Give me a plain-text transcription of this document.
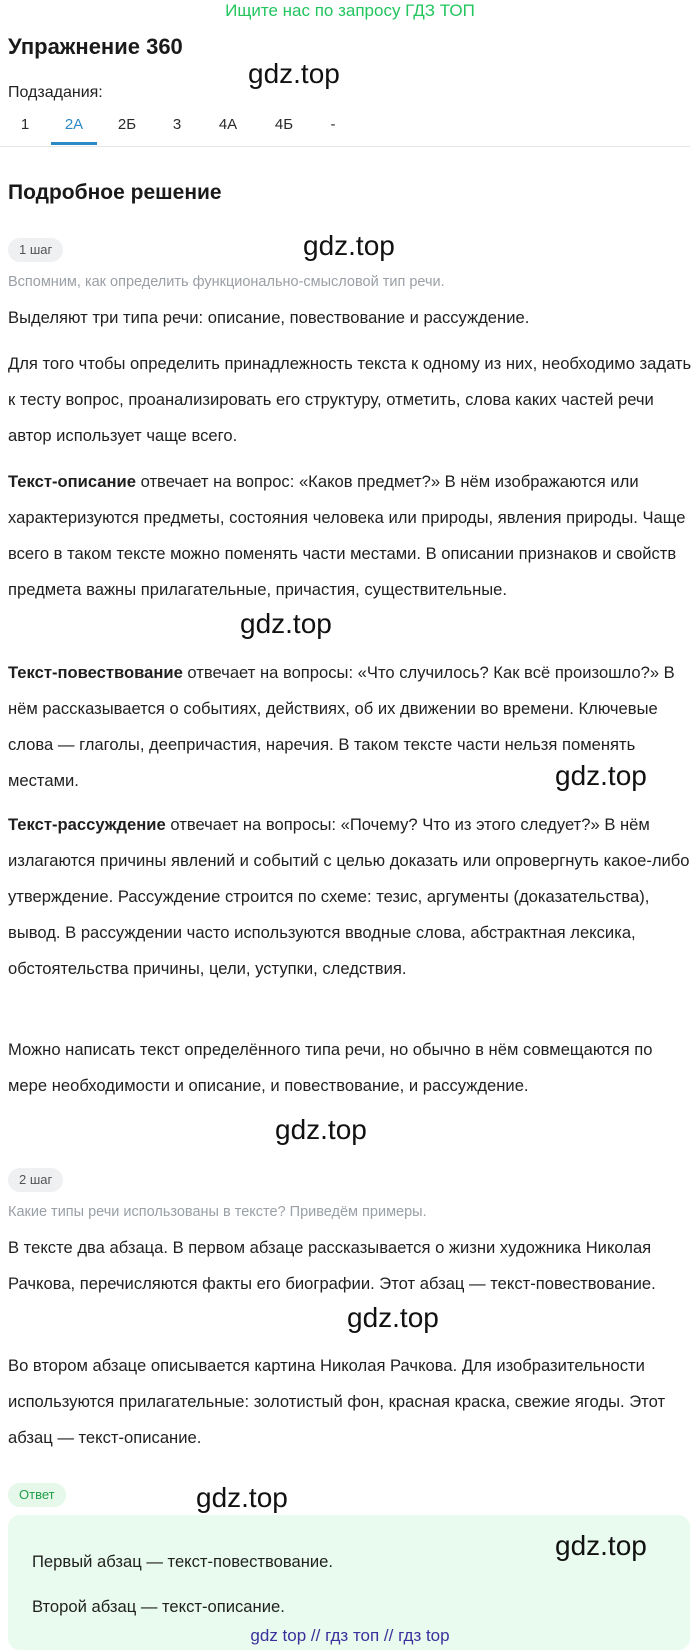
Ищите нас по запросу ГДЗ ТОП
Упражнение 360
Подзадания:
1	2А	2Б	3	4А	4Б	-
Подробное решение
1 шаг
Вспомним, как определить функционально-смысловой тип речи.

Выделяют три типа речи: описание, повествование и рассуждение.

Для того чтобы определить принадлежность текста к одному из них, необходимо задать к тесту вопрос, проанализировать его структуру, отметить, слова каких частей речи автор использует чаще всего.

Текст-описание отвечает на вопрос: «Каков предмет?» В нём изображаются или характеризуются предметы, состояния человека или природы, явления природы. Чаще всего в таком тексте можно поменять части местами. В описании признаков и свойств предмета важны прилагательные, причастия, существительные.

Текст-повествование отвечает на вопросы: «Что случилось? Как всё произошло?» В нём рассказывается о событиях, действиях, об их движении во времени. Ключевые слова — глаголы, деепричастия, наречия. В таком тексте части нельзя поменять местами.

Текст-рассуждение отвечает на вопросы: «Почему? Что из этого следует?» В нём излагаются причины явлений и событий с целью доказать или опровергнуть какое-либо утверждение. Рассуждение строится по схеме: тезис, аргументы (доказательства), вывод. В рассуждении часто используются вводные слова, абстрактная лексика, обстоятельства причины, цели, уступки, следствия.

Можно написать текст определённого типа речи, но обычно в нём совмещаются по мере необходимости и описание, и повествование, и рассуждение.

2 шаг
Какие типы речи использованы в тексте? Приведём примеры.

В тексте два абзаца. В первом абзаце рассказывается о жизни художника Николая Рачкова, перечисляются факты его биографии. Этот абзац — текст-повествование.

Во втором абзаце описывается картина Николая Рачкова. Для изобразительности используются прилагательные: золотистый фон, красная краска, свежие ягоды. Этот абзац — текст-описание.

Ответ
Первый абзац — текст-повествование.
Второй абзац — текст-описание.
gdz.top
gdz.top
gdz.top
gdz.top
gdz.top
gdz.top
gdz.top
gdz.top
gdz top // гдз топ // гдз top
